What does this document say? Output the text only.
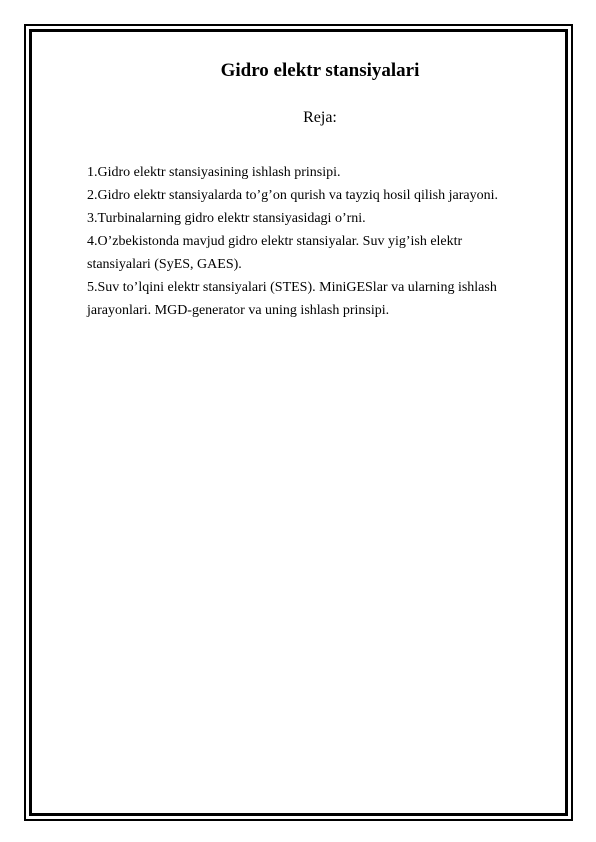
Gidro elektr stansiyalari

Reja:

1.Gidro elektr stansiyasining ishlash prinsipi.
2.Gidro elektr stansiyalarda to’g’on qurish va tayziq hosil qilish jarayoni.
3.Turbinalarning gidro elektr stansiyasidagi o’rni.
4.O’zbekistonda mavjud gidro elektr stansiyalar. Suv yig’ish elektr stansiyalari (SyES, GAES).
5.Suv to’lqini elektr stansiyalari (STES). MiniGESlar va ularning ishlash jarayonlari. MGD-generator va uning ishlash prinsipi.
